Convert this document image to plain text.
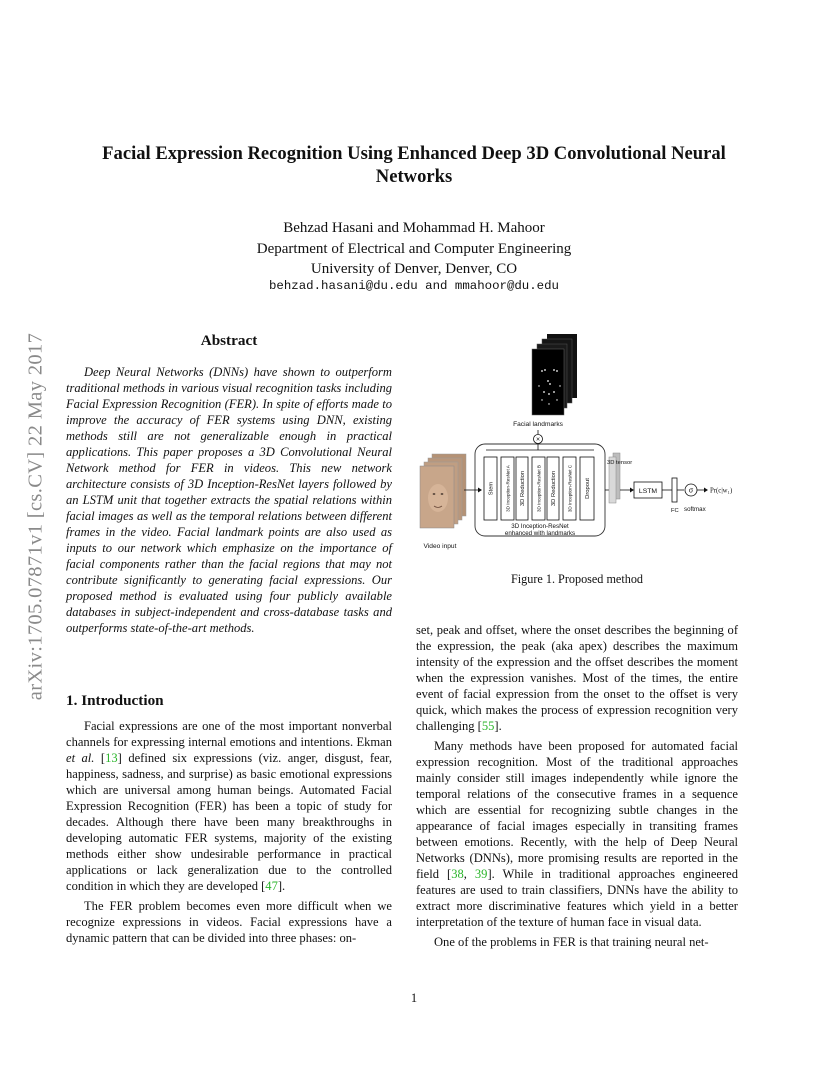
arXiv:1705.07871v1 [cs.CV] 22 May 2017
Facial Expression Recognition Using Enhanced Deep 3D Convolutional Neural
Networks
Behzad Hasani and Mohammad H. Mahoor
Department of Electrical and Computer Engineering
University of Denver, Denver, CO
behzad.hasani@du.edu and mmahoor@du.edu
Abstract

Deep Neural Networks (DNNs) have shown to outperform traditional methods in various visual recognition tasks including Facial Expression Recognition (FER). In spite of efforts made to improve the accuracy of FER systems using DNN, existing methods still are not generalizable enough in practical applications. This paper proposes a 3D Convolutional Neural Network method for FER in videos. This new network architecture consists of 3D Inception-ResNet layers followed by an LSTM unit that together extracts the spatial relations within facial images as well as the temporal relations between different frames in the video. Facial landmark points are also used as inputs to our network which emphasize on the importance of facial components rather than the facial regions that may not contribute significantly to generating facial expressions. Our proposed method is evaluated using four publicly available databases in subject-independent and cross-database tasks and outperforms state-of-the-art methods.

1. Introduction

Facial expressions are one of the most important nonverbal channels for expressing internal emotions and intentions. Ekman et al. [13] defined six expressions (viz. anger, disgust, fear, happiness, sadness, and surprise) as basic emotional expressions which are universal among human beings. Automated Facial Expression Recognition (FER) has been a topic of study for decades. Although there have been many breakthroughs in developing automatic FER systems, majority of the existing methods either show undesirable performance in practical applications or lack generalization due to the controlled condition in which they are developed [47].

The FER problem becomes even more difficult when we recognize expressions in videos. Facial expressions have a dynamic pattern that can be divided into three phases: on-

set, peak and offset, where the onset describes the beginning of the expression, the peak (aka apex) describes the maximum intensity of the expression and the offset describes the moment when the expression vanishes. Most of the times, the entire event of facial expression from the onset to the offset is very quick, which makes the process of expression recognition very challenging [55].

Many methods have been proposed for automated facial expression recognition. Most of the traditional approaches mainly consider still images independently while ignore the temporal relations of the consecutive frames in a sequence which are essential for recognizing subtle changes in the appearance of facial images especially in transiting frames between emotions. Recently, with the help of Deep Neural Networks (DNNs), more promising results are reported in the field [38, 39]. While in traditional approaches engineered features are used to train classifiers, DNNs have the ability to extract more discriminative features which yield in a better interpretation of the texture of human face in visual data.

One of the problems in FER is that training neural net-

Facial landmarks
×
Video input
Stem 3D Inception-ResNet A 3D Reduction 3D Inception-ResNet B 3D Reduction 3D Inception-ResNet C Dropout
3D Inception-ResNet
enhanced with landmarks
3D tensor
LSTM
FC
σ
softmax
Pr(c|w₁)
Figure 1. Proposed method
1
